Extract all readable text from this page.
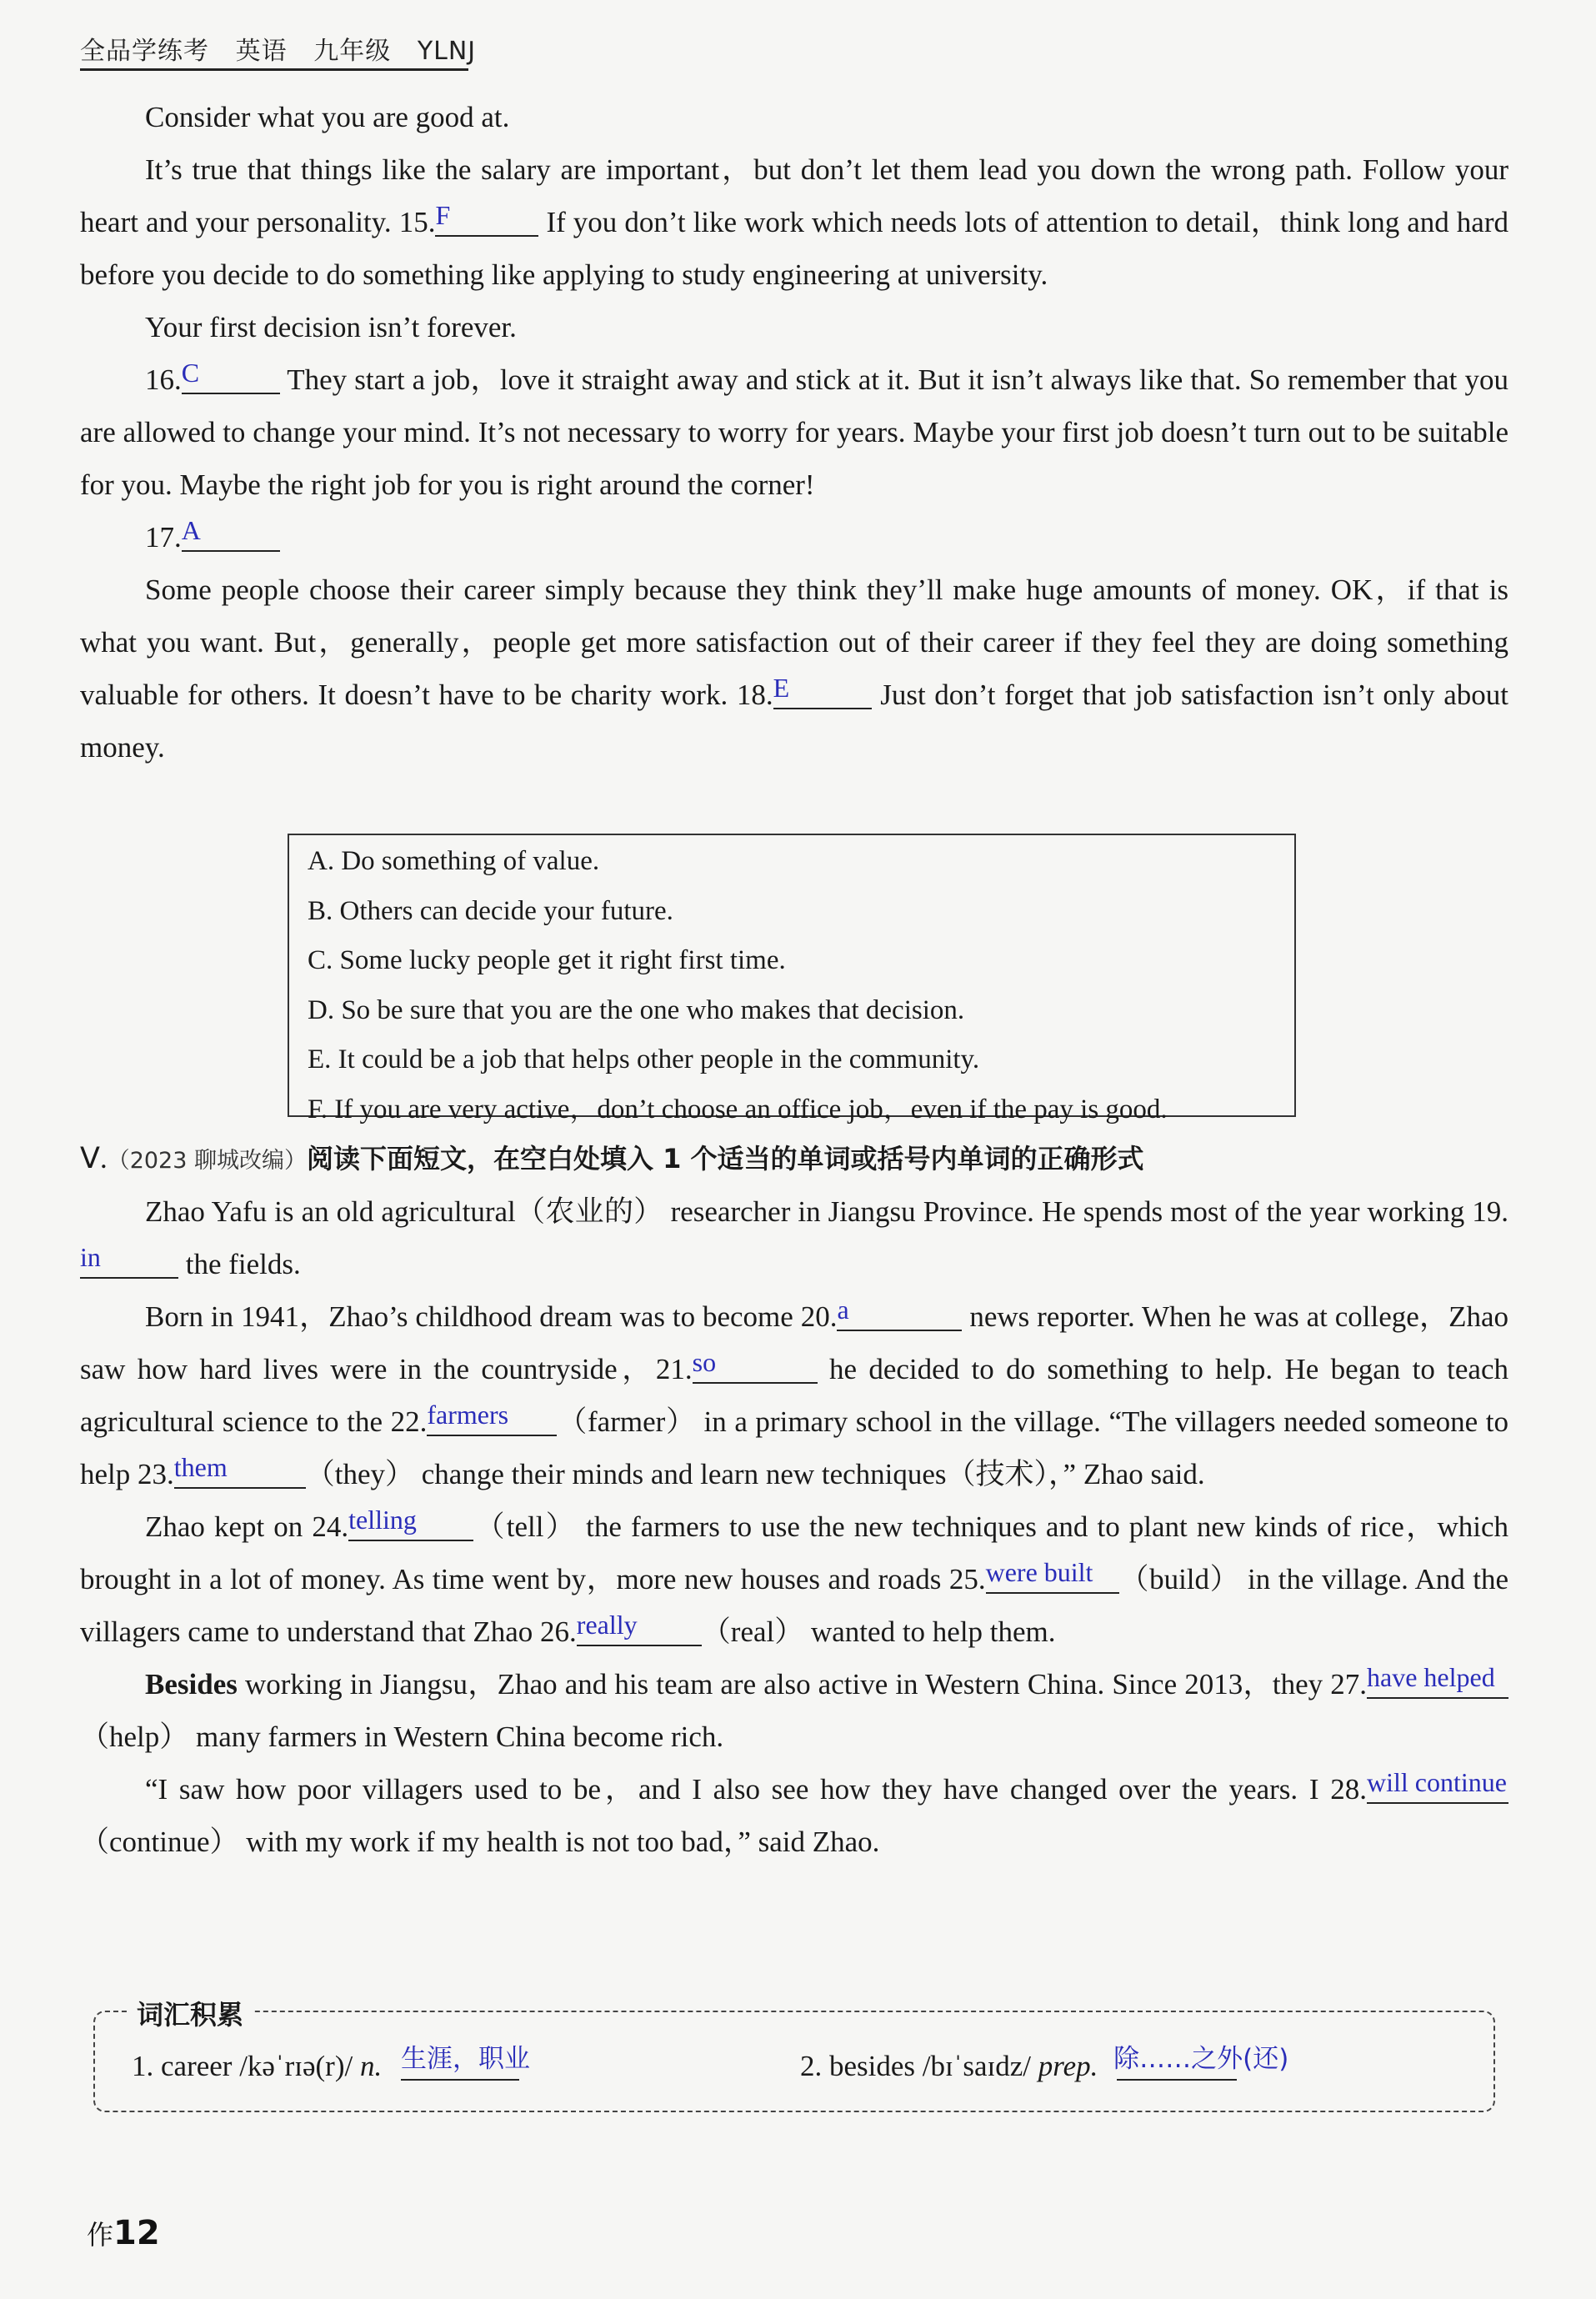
全品学练考 英语 九年级 YLNJ

Consider what you are good at.

It’s true that things like the salary are important，but don’t let them lead you down the wrong path. Follow your heart and your personality. 15. F	If you don’t like work which needs lots of attention to detail，think long and hard before you decide to do something like applying to study engineering at university.

Your first decision isn’t forever.

16. C	They start a job，love it straight away and stick at it. But it isn’t always like that. So remember that you are allowed to change your mind. It’s not necessary to worry for years. Maybe your first job doesn’t turn out to be suitable for you. Maybe the right job for you is right around the corner!

17. A

Some people choose their career simply because they think they’ll make huge amounts of money. OK，if that is what you want. But，generally，people get more satisfaction out of their career if they feel they are doing something valuable for others. It doesn’t have to be charity work. 18. E	Just don’t forget that job satisfaction isn’t only about money.

A. Do something of value.
B. Others can decide your future.
C. Some lucky people get it right first time.
D. So be sure that you are the one who makes that decision.
E. It could be a job that helps other people in the community.
F. If you are very active，don’t choose an office job，even if the pay is good.
Ⅴ.（2023 聊城改编）阅读下面短文，在空白处填入 1 个适当的单词或括号内单词的正确形式

Zhao Yafu is an old agricultural（农业的） researcher in Jiangsu Province. He spends most of the year working 19.
in	the fields.

Born in 1941，Zhao’s childhood dream was to become 20. a	news reporter. When he was at college，Zhao saw how hard lives were in the countryside，21. so	he decided to do something to help. He began to teach agricultural science to the 22. farmers	（farmer） in a primary school in the village. “The villagers needed someone to help 23. them	（they） change their minds and learn new techniques（技术），” Zhao said.

Zhao kept on 24. telling	（tell） the farmers to use the new techniques and to plant new kinds of rice，which brought in a lot of money. As time went by，more new houses and roads 25. were built （build） in the village. And the villagers came to understand that Zhao 26. really	（real） wanted to help them.

Besides working in Jiangsu，Zhao and his team are also active in Western China. Since 2013，they 27. have helped
（help） many farmers in Western China become rich.

“I saw how poor villagers used to be，and I also see how they have changed over the years. I 28. will continue
（continue） with my work if my health is not too bad，” said Zhao.

词汇积累
1. career /kəˈrɪə(r)/ n. 生涯，职业	2. besides /bɪˈsaɪdz/ prep. 除……之外(还)
作12
